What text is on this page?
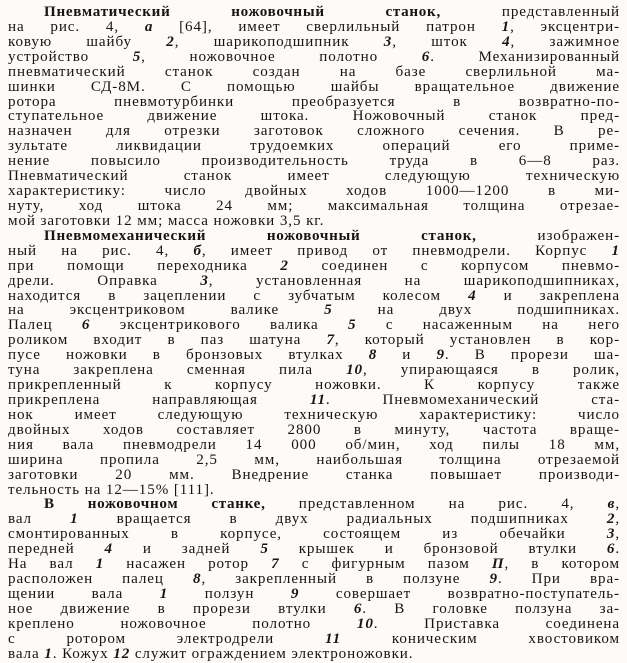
Пневматический ножовочный станок, представленный
на рис. 4, а [64], имеет сверлильный патрон 1, эксцентри-
ковую шайбу 2, шарикоподшипник 3, шток 4, зажимное
устройство 5, ножовочное полотно 6. Механизированный
пневматический станок создан на базе сверлильной ма-
шинки СД-8М. С помощью шайбы вращательное движение
ротора пневмотурбинки преобразуется в возвратно-по-
ступательное движение штока. Ножовочный станок пред-
назначен для отрезки заготовок сложного сечения. В ре-
зультате ликвидации трудоемких операций его приме-
нение повысило производительность труда в 6—8 раз.
Пневматический станок имеет следующую техническую
характеристику: число двойных ходов 1000—1200 в ми-
нуту, ход штока 24 мм; максимальная толщина отрезае-
мой заготовки 12 мм; масса ножовки 3,5 кг.
Пневмомеханический ножовочный станок, изображен-
ный на рис. 4, б, имеет привод от пневмодрели. Корпус 1
при помощи переходника 2 соединен с корпусом пневмо-
дрели. Оправка 3, установленная на шарикоподшипниках,
находится в зацеплении с зубчатым колесом 4 и закреплена
на эксцентриковом валике 5 на двух подшипниках.
Палец 6 эксцентрикового валика 5 с насаженным на него
роликом входит в паз шатуна 7, который установлен в кор-
пусе ножовки в бронзовых втулках 8 и 9. В прорези ша-
туна закреплена сменная пила 10, упирающаяся в ролик,
прикрепленный к корпусу ножовки. К корпусу также
прикреплена направляющая 11. Пневмомеханический ста-
нок имеет следующую техническую характеристику: число
двойных ходов составляет 2800 в минуту, частота враще-
ния вала пневмодрели 14 000 об/мин, ход пилы 18 мм,
ширина пропила 2,5 мм, наибольшая толщина отрезаемой
заготовки 20 мм. Внедрение станка повышает производи-
тельность на 12—15% [111].
В ножовочном станке, представленном на рис. 4, в,
вал 1 вращается в двух радиальных подшипниках 2,
смонтированных в корпусе, состоящем из обечайки 3,
передней 4 и задней 5 крышек и бронзовой втулки 6.
На вал 1 насажен ротор 7 с фигурным пазом П, в котором
расположен палец 8, закрепленный в ползуне 9. При вра-
щении вала 1 ползун 9 совершает возвратно-поступатель-
ное движение в прорези втулки 6. В головке ползуна за-
креплено ножовочное полотно 10. Приставка соединена
с ротором электродрели 11 коническим хвостовиком
вала 1. Кожух 12 служит ограждением электроножовки.
